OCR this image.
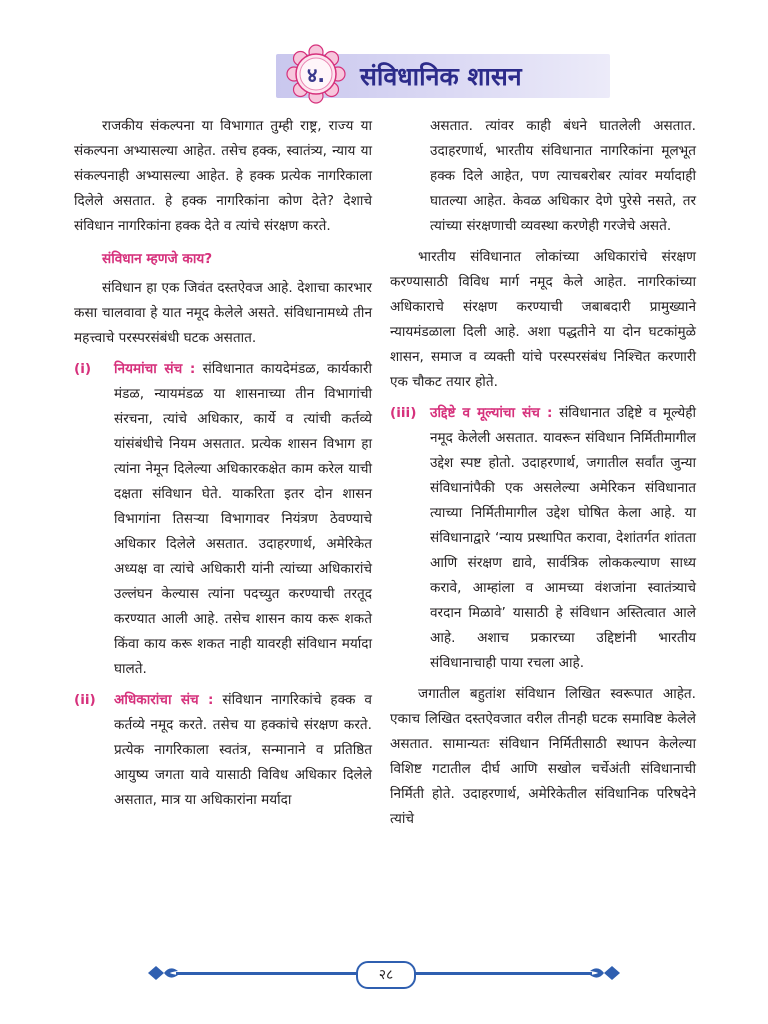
४.	संविधानिक शासन

राजकीय संकल्पना या विभागात तुम्ही राष्ट्र, राज्य या संकल्पना अभ्यासल्या आहेत. तसेच हक्क, स्वातंत्र्य, न्याय या संकल्पनाही अभ्यासल्या आहेत. हे हक्क प्रत्येक नागरिकाला दिलेले असतात. हे हक्क नागरिकांना कोण देते? देशाचे संविधान नागरिकांना हक्क देते व त्यांचे संरक्षण करते.

संविधान म्हणजे काय?

संविधान हा एक जिवंत दस्तऐवज आहे. देशाचा कारभार कसा चालवावा हे यात नमूद केलेले असते. संविधानामध्ये तीन महत्त्वाचे परस्परसंबंधी घटक असतात.

(i)	नियमांचा संच : संविधानात कायदेमंडळ, कार्यकारी मंडळ, न्यायमंडळ या शासनाच्या तीन विभागांची संरचना, त्यांचे अधिकार, कार्ये व त्यांची कर्तव्ये यांसंबंधीचे नियम असतात. प्रत्येक शासन विभाग हा त्यांना नेमून दिलेल्या अधिकारकक्षेत काम करेल याची दक्षता संविधान घेते. याकरिता इतर दोन शासन विभागांना तिसऱ्या विभागावर नियंत्रण ठेवण्याचे अधिकार दिलेले असतात. उदाहरणार्थ, अमेरिकेत अध्यक्ष वा त्यांचे अधिकारी यांनी त्यांच्या अधिकारांचे उल्लंघन केल्यास त्यांना पदच्युत करण्याची तरतूद करण्यात आली आहे. तसेच शासन काय करू शकते किंवा काय करू शकत नाही यावरही संविधान मर्यादा घालते.
(ii)	अधिकारांचा संच : संविधान नागरिकांचे हक्क व कर्तव्ये नमूद करते. तसेच या हक्कांचे संरक्षण करते. प्रत्येक नागरिकाला स्वतंत्र, सन्मानाने व प्रतिष्ठित आयुष्य जगता यावे यासाठी विविध अधिकार दिलेले असतात, मात्र या अधिकारांना मर्यादा

असतात. त्यांवर काही बंधने घातलेली असतात. उदाहरणार्थ, भारतीय संविधानात नागरिकांना मूलभूत हक्क दिले आहेत, पण त्याचबरोबर त्यांवर मर्यादाही घातल्या आहेत. केवळ अधिकार देणे पुरेसे नसते, तर त्यांच्या संरक्षणाची व्यवस्था करणेही गरजेचे असते.

भारतीय संविधानात लोकांच्या अधिकारांचे संरक्षण करण्यासाठी विविध मार्ग नमूद केले आहेत. नागरिकांच्या अधिकाराचे संरक्षण करण्याची जबाबदारी प्रामुख्याने न्यायमंडळाला दिली आहे. अशा पद्धतीने या दोन घटकांमुळे शासन, समाज व व्यक्ती यांचे परस्परसंबंध निश्चित करणारी एक चौकट तयार होते.

(iii) उद्दिष्टे व मूल्यांचा संच : संविधानात उद्दिष्टे व मूल्येही नमूद केलेली असतात. यावरून संविधान निर्मितीमागील उद्देश स्पष्ट होतो. उदाहरणार्थ, जगातील सर्वांत जुन्या संविधानांपैकी एक असलेल्या अमेरिकन संविधानात त्याच्या निर्मितीमागील उद्देश घोषित केला आहे. या संविधानाद्वारे ‘न्याय प्रस्थापित करावा, देशांतर्गत शांतता आणि संरक्षण द्यावे, सार्वत्रिक लोककल्याण साध्य करावे, आम्हांला व आमच्या वंशजांना स्वातंत्र्याचे वरदान मिळावे’ यासाठी हे संविधान अस्तित्वात आले आहे. अशाच प्रकारच्या उद्दिष्टांनी भारतीय संविधानाचाही पाया रचला आहे.

जगातील बहुतांश संविधान लिखित स्वरूपात आहेत. एकाच लिखित दस्तऐवजात वरील तीनही घटक समाविष्ट केलेले असतात. सामान्यतः संविधान निर्मितीसाठी स्थापन केलेल्या विशिष्ट गटातील दीर्घ आणि सखोल चर्चेअंती संविधानाची निर्मिती होते. उदाहरणार्थ, अमेरिकेतील संविधानिक परिषदेने त्यांचे

२८
